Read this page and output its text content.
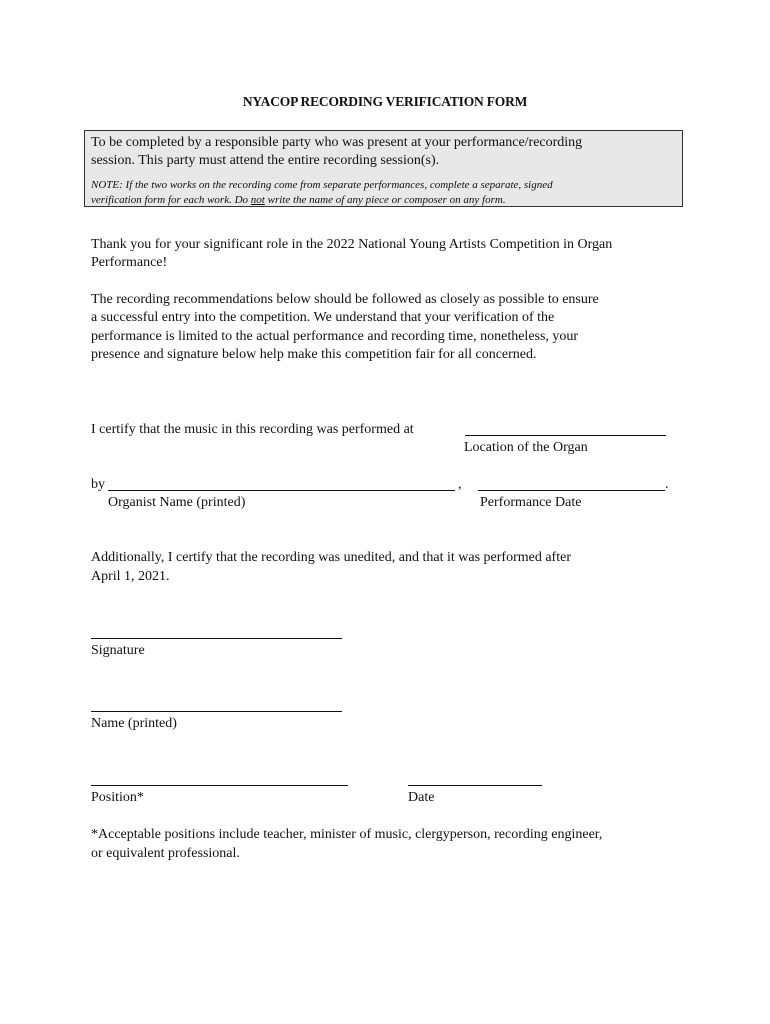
NYACOP RECORDING VERIFICATION FORM
To be completed by a responsible party who was present at your performance/recording
session. This party must attend the entire recording session(s).
NOTE: If the two works on the recording come from separate performances, complete a separate, signed
verification form for each work. Do not write the name of any piece or composer on any form.
Thank you for your significant role in the 2022 National Young Artists Competition in Organ
Performance!
The recording recommendations below should be followed as closely as possible to ensure
a successful entry into the competition. We understand that your verification of the
performance is limited to the actual performance and recording time, nonetheless, your
presence and signature below help make this competition fair for all concerned.
I certify that the music in this recording was performed at
Location of the Organ
by	,	.
Organist Name (printed)	Performance Date
Additionally, I certify that the recording was unedited, and that it was performed after
April 1, 2021.
Signature
Name (printed)
Position*	Date
*Acceptable positions include teacher, minister of music, clergyperson, recording engineer,
or equivalent professional.
